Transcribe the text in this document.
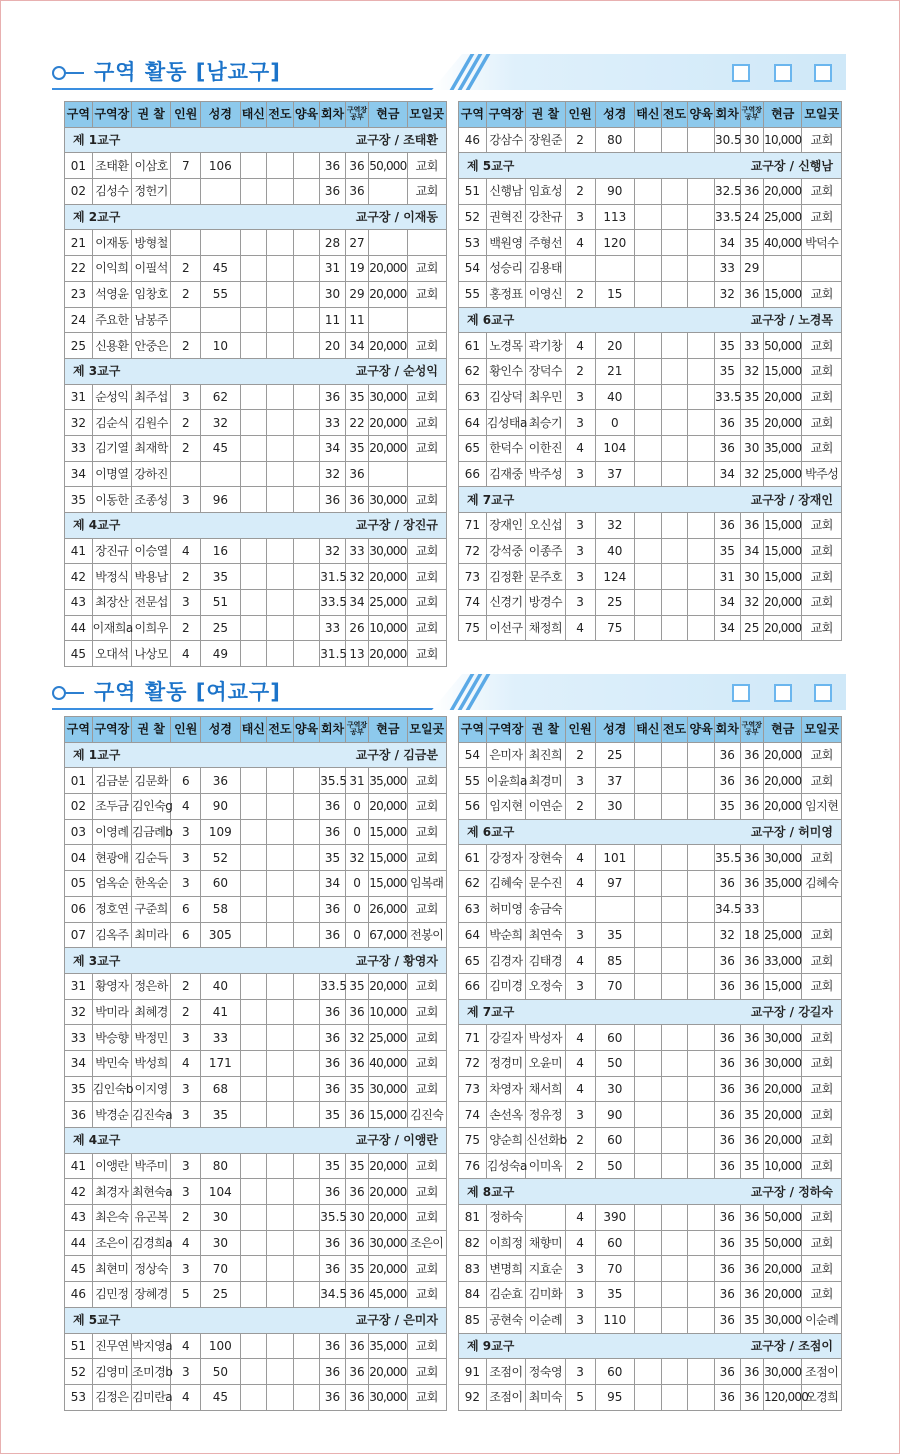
구역 활동 [남교구]
구역	구역장	권 찰	인원	성경	태신	전도	양육	회차	구역장 공부	현금	모일곳

교구장 / 조태환
제 1교구											
01	조태환	이삼호	7	106				36	36	50,000	교회
02	김성수	정헌기						36	36		교회

교구장 / 이재동
제 2교구											
21	이재동	방형철						28	27		
22	이익희	이필석	2	45				31	19	20,000	교회
23	석영윤	임창호	2	55				30	29	20,000	교회
24	주요한	남봉주						11	11		
25	신용환	안중은	2	10				20	34	20,000	교회

교구장 / 순성익
제 3교구											
31	순성익	최주섭	3	62				36	35	30,000	교회
32	김순식	김원수	2	32				33	22	20,000	교회
33	김기열	최재학	2	45				34	35	20,000	교회
34	이명열	강하진						32	36		
35	이동한	조종성	3	96				36	36	30,000	교회

교구장 / 장진규
제 4교구											
41	장진규	이승열	4	16				32	33	30,000	교회
42	박정식	박용남	2	35				31.5	32	20,000	교회
43	최장산	전문섭	3	51				33.5	34	25,000	교회
44	이재희a	이희우	2	25				33	26	10,000	교회
45	오대석	나상모	4	49				31.5	13	20,000	교회
구역	구역장	권 찰	인원	성경	태신	전도	양육	회차	구역장 공부	현금	모일곳
46	강삼수	장원준	2	80				30.5	30	10,000	교회

교구장 / 신행남
제 5교구											
51	신행남	임효성	2	90				32.5	36	20,000	교회
52	권혁진	강찬규	3	113				33.5	24	25,000	교회
53	백원영	주형선	4	120				34	35	40,000	박덕수
54	성승리	김용태						33	29		
55	홍정표	이영신	2	15				32	36	15,000	교회

교구장 / 노경목
제 6교구											
61	노경목	곽기창	4	20				35	33	50,000	교회
62	황인수	장덕수	2	21				35	32	15,000	교회
63	김상덕	최우민	3	40				33.5	35	20,000	교회
64	김성태a	최승기	3	0				36	35	20,000	교회
65	한덕수	이한진	4	104				36	30	35,000	교회
66	김재중	박주성	3	37				34	32	25,000	박주성

교구장 / 장재인
제 7교구											
71	장재인	오신섭	3	32				36	36	15,000	교회
72	강석중	이종주	3	40				35	34	15,000	교회
73	김정환	문주호	3	124				31	30	15,000	교회
74	신경기	방경수	3	25				34	32	20,000	교회
75	이선구	채정희	4	75				34	25	20,000	교회
구역 활동 [여교구]
구역	구역장	권 찰	인원	성경	태신	전도	양육	회차	구역장 공부	현금	모일곳

교구장 / 김금분
제 1교구											
01	김금분	김문화	6	36				35.5	31	35,000	교회
02	조두금	김인숙g	4	90				36	0	20,000	교회
03	이영례	김금례b	3	109				36	0	15,000	교회
04	현광애	김순득	3	52				35	32	15,000	교회
05	엄옥순	한옥순	3	60				34	0	15,000	임복래
06	정호연	구준희	6	58				36	0	26,000	교회
07	김옥주	최미라	6	305				36	0	67,000	전봉이

교구장 / 황영자
제 3교구											
31	황영자	정은하	2	40				33.5	35	20,000	교회
32	박미라	최혜경	2	41				36	36	10,000	교회
33	박승향	박정민	3	33				36	32	25,000	교회
34	박민숙	박성희	4	171				36	36	40,000	교회
35	김인숙b	이지영	3	68				36	35	30,000	교회
36	박경순	김진숙a	3	35				35	36	15,000	김진숙

교구장 / 이앵란
제 4교구											
41	이앵란	박주미	3	80				35	35	20,000	교회
42	최경자	최현숙a	3	104				36	36	20,000	교회
43	최은숙	유곤복	2	30				35.5	30	20,000	교회
44	조은이	김경희a	4	30				36	36	30,000	조은이
45	최현미	정상숙	3	70				36	35	20,000	교회
46	김민정	장혜경	5	25				34.5	36	45,000	교회

교구장 / 은미자
제 5교구											
51	진무연	박지영a	4	100				36	36	35,000	교회
52	김영미	조미경b	3	50				36	36	20,000	교회
53	김정은	김미란a	4	45				36	36	30,000	교회
구역	구역장	권 찰	인원	성경	태신	전도	양육	회차	구역장 공부	현금	모일곳
54	은미자	최진희	2	25				36	36	20,000	교회
55	이윤희a	최경미	3	37				36	36	20,000	교회
56	임지현	이연순	2	30				35	36	20,000	임지현

교구장 / 허미영
제 6교구											
61	강정자	장현숙	4	101				35.5	36	30,000	교회
62	김혜숙	문수진	4	97				36	36	35,000	김혜숙
63	허미영	송금숙						34.5	33		
64	박순희	최연숙	3	35				32	18	25,000	교회
65	김경자	김태경	4	85				36	36	33,000	교회
66	김미경	오정숙	3	70				36	36	15,000	교회

교구장 / 강길자
제 7교구											
71	강길자	박성자	4	60				36	36	30,000	교회
72	정경미	오윤미	4	50				36	36	30,000	교회
73	차영자	채서희	4	30				36	36	20,000	교회
74	손선옥	정유정	3	90				36	35	20,000	교회
75	양순희	신선화b	2	60				36	36	20,000	교회
76	김성숙a	이미옥	2	50				36	35	10,000	교회

교구장 / 정하숙
제 8교구											
81	정하숙		4	390				36	36	50,000	교회
82	이희정	채향미	4	60				36	35	50,000	교회
83	변명희	지효순	3	70				36	36	20,000	교회
84	김순효	김미화	3	35				36	36	20,000	교회
85	공현숙	이순례	3	110				36	35	30,000	이순례

교구장 / 조점이
제 9교구											
91	조점이	정숙영	3	60				36	36	30,000	조점이
92	조점이	최미숙	5	95				36	36	120,000	오경희
